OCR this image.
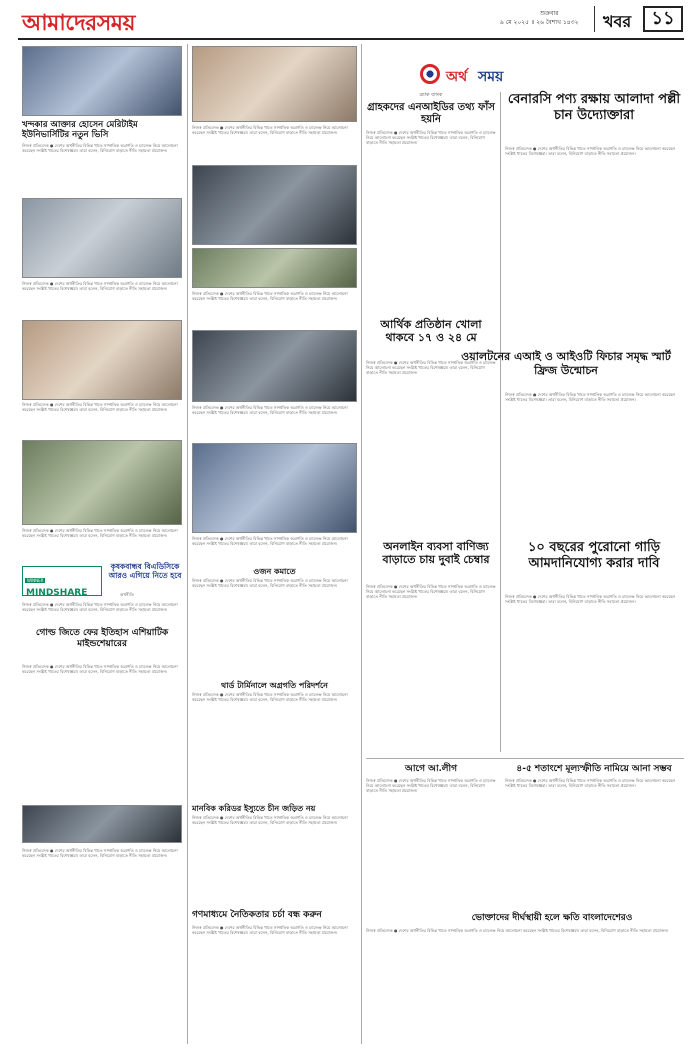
আমাদেরসময়	শুক্রবার
৯ মে ২০২৫ ॥ ২৬ বৈশাখ ১৪৩২ খবর	১১
খন্দকার আক্তার হোসেন মেরিটাইম ইউনিভার্সিটির নতুন ভিসি
নিজস্ব প্রতিবেদক ● দেশের অর্থনীতির বিভিন্ন খাতে সাম্প্রতিক অগ্রগতি ও চ্যালেঞ্জ নিয়ে আলোচনা করেছেন সংশ্লিষ্ট খাতের বিশেষজ্ঞরা। তারা বলেন, বিনিয়োগ বাড়াতে নীতি সহায়তা প্রয়োজন।
নিজস্ব প্রতিবেদক ● দেশের অর্থনীতির বিভিন্ন খাতে সাম্প্রতিক অগ্রগতি ও চ্যালেঞ্জ নিয়ে আলোচনা করেছেন সংশ্লিষ্ট খাতের বিশেষজ্ঞরা। তারা বলেন, বিনিয়োগ বাড়াতে নীতি সহায়তা প্রয়োজন।
নিজস্ব প্রতিবেদক ● দেশের অর্থনীতির বিভিন্ন খাতে সাম্প্রতিক অগ্রগতি ও চ্যালেঞ্জ নিয়ে আলোচনা করেছেন সংশ্লিষ্ট খাতের বিশেষজ্ঞরা। তারা বলেন, বিনিয়োগ বাড়াতে নীতি সহায়তা প্রয়োজন।
নিজস্ব প্রতিবেদক ● দেশের অর্থনীতির বিভিন্ন খাতে সাম্প্রতিক অগ্রগতি ও চ্যালেঞ্জ নিয়ে আলোচনা করেছেন সংশ্লিষ্ট খাতের বিশেষজ্ঞরা। তারা বলেন, বিনিয়োগ বাড়াতে নীতি সহায়তা প্রয়োজন।
WINNER
MINDSHARE
কৃষকবান্ধব বিএডিসিকে আরও এগিয়ে নিতে হবে
অর্থনীতি
নিজস্ব প্রতিবেদক ● দেশের অর্থনীতির বিভিন্ন খাতে সাম্প্রতিক অগ্রগতি ও চ্যালেঞ্জ নিয়ে আলোচনা করেছেন সংশ্লিষ্ট খাতের বিশেষজ্ঞরা। তারা বলেন, বিনিয়োগ বাড়াতে নীতি সহায়তা প্রয়োজন।
গোল্ড জিতে ফের ইতিহাস এশিয়াটিক মাইন্ডশেয়ারের
নিজস্ব প্রতিবেদক ● দেশের অর্থনীতির বিভিন্ন খাতে সাম্প্রতিক অগ্রগতি ও চ্যালেঞ্জ নিয়ে আলোচনা করেছেন সংশ্লিষ্ট খাতের বিশেষজ্ঞরা। তারা বলেন, বিনিয়োগ বাড়াতে নীতি সহায়তা প্রয়োজন।
নিজস্ব প্রতিবেদক ● দেশের অর্থনীতির বিভিন্ন খাতে সাম্প্রতিক অগ্রগতি ও চ্যালেঞ্জ নিয়ে আলোচনা করেছেন সংশ্লিষ্ট খাতের বিশেষজ্ঞরা। তারা বলেন, বিনিয়োগ বাড়াতে নীতি সহায়তা প্রয়োজন।
নিজস্ব প্রতিবেদক ● দেশের অর্থনীতির বিভিন্ন খাতে সাম্প্রতিক অগ্রগতি ও চ্যালেঞ্জ নিয়ে আলোচনা করেছেন সংশ্লিষ্ট খাতের বিশেষজ্ঞরা। তারা বলেন, বিনিয়োগ বাড়াতে নীতি সহায়তা প্রয়োজন।
নিজস্ব প্রতিবেদক ● দেশের অর্থনীতির বিভিন্ন খাতে সাম্প্রতিক অগ্রগতি ও চ্যালেঞ্জ নিয়ে আলোচনা করেছেন সংশ্লিষ্ট খাতের বিশেষজ্ঞরা। তারা বলেন, বিনিয়োগ বাড়াতে নীতি সহায়তা প্রয়োজন।
নিজস্ব প্রতিবেদক ● দেশের অর্থনীতির বিভিন্ন খাতে সাম্প্রতিক অগ্রগতি ও চ্যালেঞ্জ নিয়ে আলোচনা করেছেন সংশ্লিষ্ট খাতের বিশেষজ্ঞরা। তারা বলেন, বিনিয়োগ বাড়াতে নীতি সহায়তা প্রয়োজন।
নিজস্ব প্রতিবেদক ● দেশের অর্থনীতির বিভিন্ন খাতে সাম্প্রতিক অগ্রগতি ও চ্যালেঞ্জ নিয়ে আলোচনা করেছেন সংশ্লিষ্ট খাতের বিশেষজ্ঞরা। তারা বলেন, বিনিয়োগ বাড়াতে নীতি সহায়তা প্রয়োজন।
ওজন কমাতে
নিজস্ব প্রতিবেদক ● দেশের অর্থনীতির বিভিন্ন খাতে সাম্প্রতিক অগ্রগতি ও চ্যালেঞ্জ নিয়ে আলোচনা করেছেন সংশ্লিষ্ট খাতের বিশেষজ্ঞরা। তারা বলেন, বিনিয়োগ বাড়াতে নীতি সহায়তা প্রয়োজন।
থার্ড টার্মিনালে অগ্রগতি পরিদর্শনে
নিজস্ব প্রতিবেদক ● দেশের অর্থনীতির বিভিন্ন খাতে সাম্প্রতিক অগ্রগতি ও চ্যালেঞ্জ নিয়ে আলোচনা করেছেন সংশ্লিষ্ট খাতের বিশেষজ্ঞরা। তারা বলেন, বিনিয়োগ বাড়াতে নীতি সহায়তা প্রয়োজন।
মানবিক করিডর ইস্যুতে চীন জড়িত নয়
নিজস্ব প্রতিবেদক ● দেশের অর্থনীতির বিভিন্ন খাতে সাম্প্রতিক অগ্রগতি ও চ্যালেঞ্জ নিয়ে আলোচনা করেছেন সংশ্লিষ্ট খাতের বিশেষজ্ঞরা। তারা বলেন, বিনিয়োগ বাড়াতে নীতি সহায়তা প্রয়োজন।
গণমাধ্যমে নৈতিকতার চর্চা বন্ধ করুন
নিজস্ব প্রতিবেদক ● দেশের অর্থনীতির বিভিন্ন খাতে সাম্প্রতিক অগ্রগতি ও চ্যালেঞ্জ নিয়ে আলোচনা করেছেন সংশ্লিষ্ট খাতের বিশেষজ্ঞরা। তারা বলেন, বিনিয়োগ বাড়াতে নীতি সহায়তা প্রয়োজন।
অর্থ সময়
ব্র্যাক ব্যাংক
গ্রাহকদের এনআইডির তথ্য ফাঁস হয়নি
নিজস্ব প্রতিবেদক ● দেশের অর্থনীতির বিভিন্ন খাতে সাম্প্রতিক অগ্রগতি ও চ্যালেঞ্জ নিয়ে আলোচনা করেছেন সংশ্লিষ্ট খাতের বিশেষজ্ঞরা। তারা বলেন, বিনিয়োগ বাড়াতে নীতি সহায়তা প্রয়োজন।
আর্থিক প্রতিষ্ঠান খোলা থাকবে ১৭ ও ২৪ মে
নিজস্ব প্রতিবেদক ● দেশের অর্থনীতির বিভিন্ন খাতে সাম্প্রতিক অগ্রগতি ও চ্যালেঞ্জ নিয়ে আলোচনা করেছেন সংশ্লিষ্ট খাতের বিশেষজ্ঞরা। তারা বলেন, বিনিয়োগ বাড়াতে নীতি সহায়তা প্রয়োজন।
অনলাইন ব্যবসা বাণিজ্য বাড়াতে চায় দুবাই চেম্বার
নিজস্ব প্রতিবেদক ● দেশের অর্থনীতির বিভিন্ন খাতে সাম্প্রতিক অগ্রগতি ও চ্যালেঞ্জ নিয়ে আলোচনা করেছেন সংশ্লিষ্ট খাতের বিশেষজ্ঞরা। তারা বলেন, বিনিয়োগ বাড়াতে নীতি সহায়তা প্রয়োজন।
বেনারসি পণ্য রক্ষায় আলাদা পল্লী চান উদ্যোক্তারা
নিজস্ব প্রতিবেদক ● দেশের অর্থনীতির বিভিন্ন খাতে সাম্প্রতিক অগ্রগতি ও চ্যালেঞ্জ নিয়ে আলোচনা করেছেন সংশ্লিষ্ট খাতের বিশেষজ্ঞরা। তারা বলেন, বিনিয়োগ বাড়াতে নীতি সহায়তা প্রয়োজন।
ওয়ালটনের এআই ও আইওটি ফিচার সমৃদ্ধ স্মার্ট ফ্রিজ উন্মোচন
নিজস্ব প্রতিবেদক ● দেশের অর্থনীতির বিভিন্ন খাতে সাম্প্রতিক অগ্রগতি ও চ্যালেঞ্জ নিয়ে আলোচনা করেছেন সংশ্লিষ্ট খাতের বিশেষজ্ঞরা। তারা বলেন, বিনিয়োগ বাড়াতে নীতি সহায়তা প্রয়োজন।
১০ বছরের পুরোনো গাড়ি আমদানিযোগ্য করার দাবি
নিজস্ব প্রতিবেদক ● দেশের অর্থনীতির বিভিন্ন খাতে সাম্প্রতিক অগ্রগতি ও চ্যালেঞ্জ নিয়ে আলোচনা করেছেন সংশ্লিষ্ট খাতের বিশেষজ্ঞরা। তারা বলেন, বিনিয়োগ বাড়াতে নীতি সহায়তা প্রয়োজন।
আগে আ.লীগ
নিজস্ব প্রতিবেদক ● দেশের অর্থনীতির বিভিন্ন খাতে সাম্প্রতিক অগ্রগতি ও চ্যালেঞ্জ নিয়ে আলোচনা করেছেন সংশ্লিষ্ট খাতের বিশেষজ্ঞরা। তারা বলেন, বিনিয়োগ বাড়াতে নীতি সহায়তা প্রয়োজন।
৪-৫ শতাংশে মূল্যস্ফীতি নামিয়ে আনা সম্ভব
নিজস্ব প্রতিবেদক ● দেশের অর্থনীতির বিভিন্ন খাতে সাম্প্রতিক অগ্রগতি ও চ্যালেঞ্জ নিয়ে আলোচনা করেছেন সংশ্লিষ্ট খাতের বিশেষজ্ঞরা। তারা বলেন, বিনিয়োগ বাড়াতে নীতি সহায়তা প্রয়োজন।
ভোক্তাদের দীর্ঘস্থায়ী হলে ক্ষতি বাংলাদেশেরও
নিজস্ব প্রতিবেদক ● দেশের অর্থনীতির বিভিন্ন খাতে সাম্প্রতিক অগ্রগতি ও চ্যালেঞ্জ নিয়ে আলোচনা করেছেন সংশ্লিষ্ট খাতের বিশেষজ্ঞরা। তারা বলেন, বিনিয়োগ বাড়াতে নীতি সহায়তা প্রয়োজন।
